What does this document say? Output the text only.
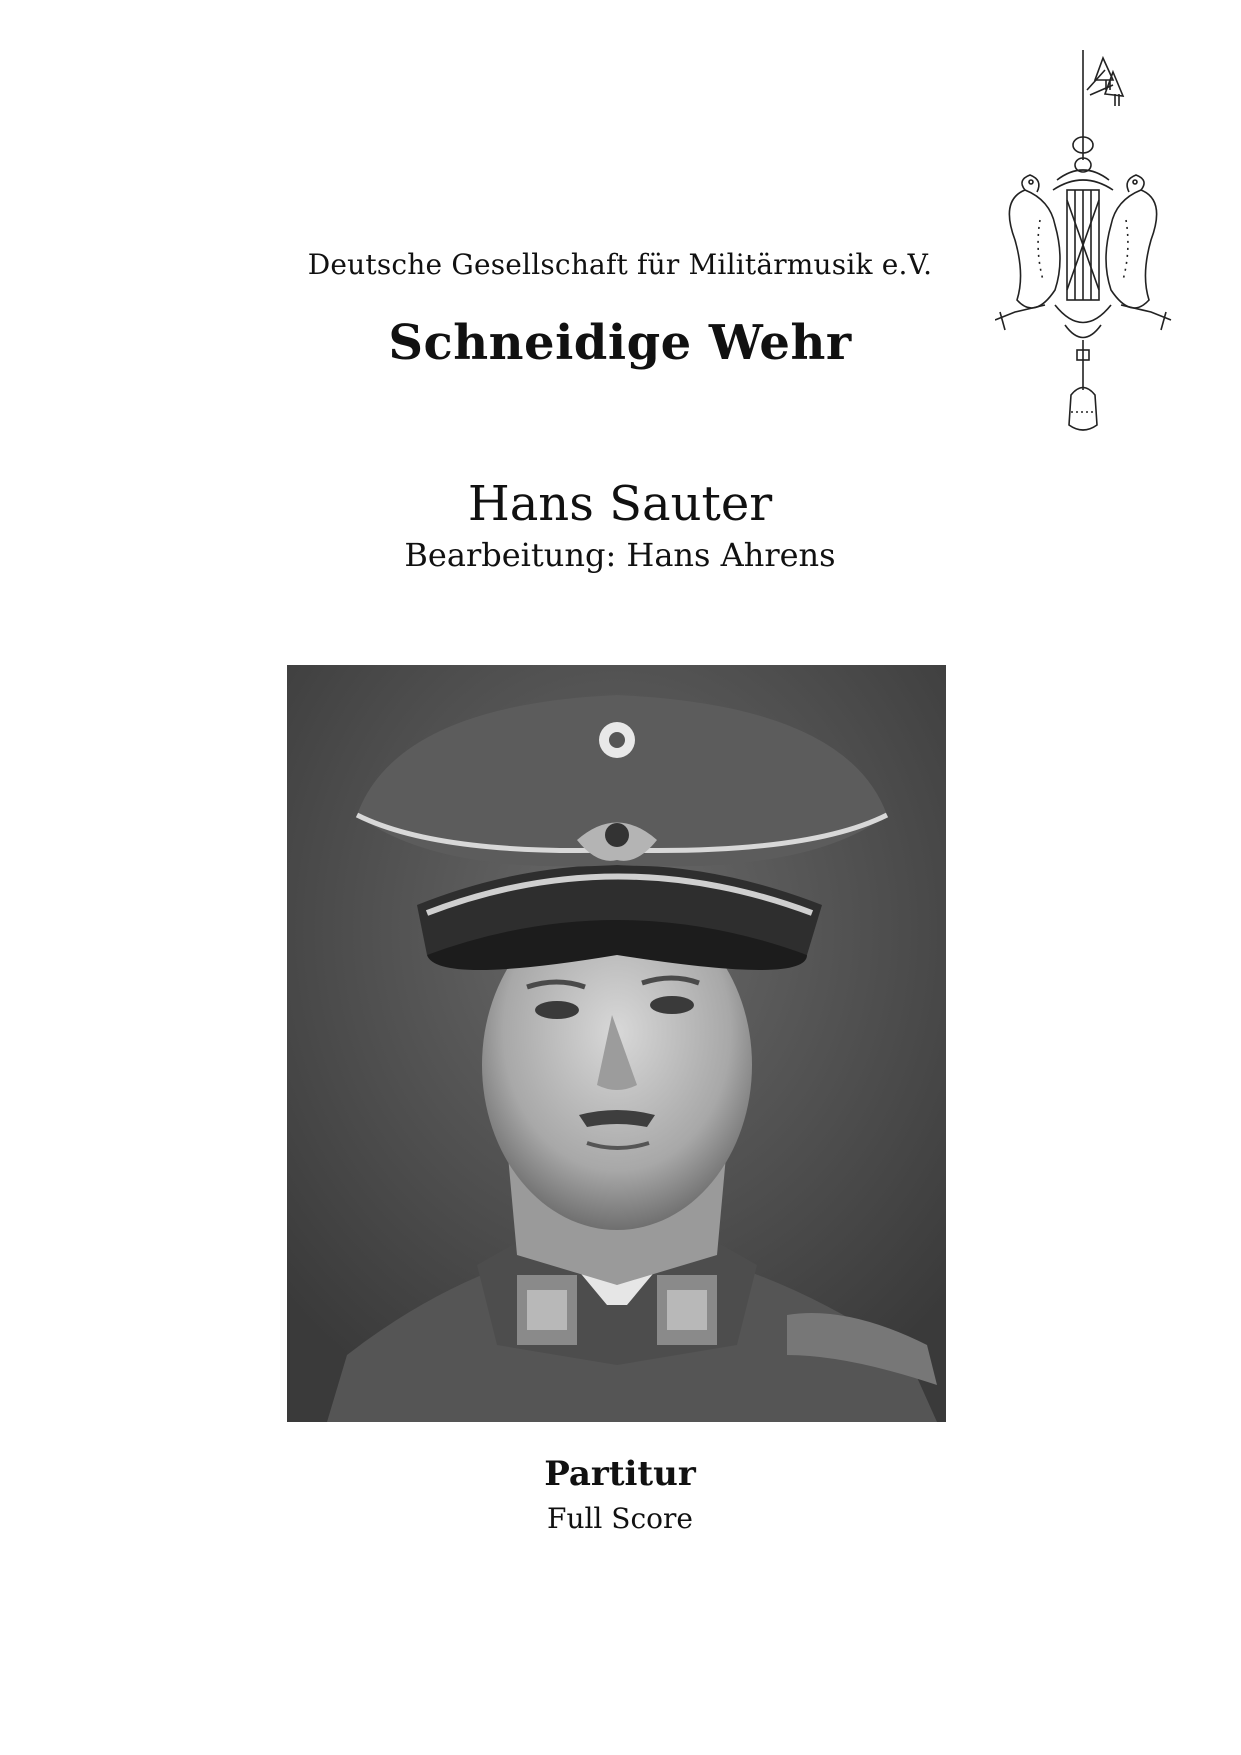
Deutsche Gesellschaft für Militärmusik e.V.
Schneidige Wehr
Hans Sauter
Bearbeitung: Hans Ahrens
Partitur
Full Score
